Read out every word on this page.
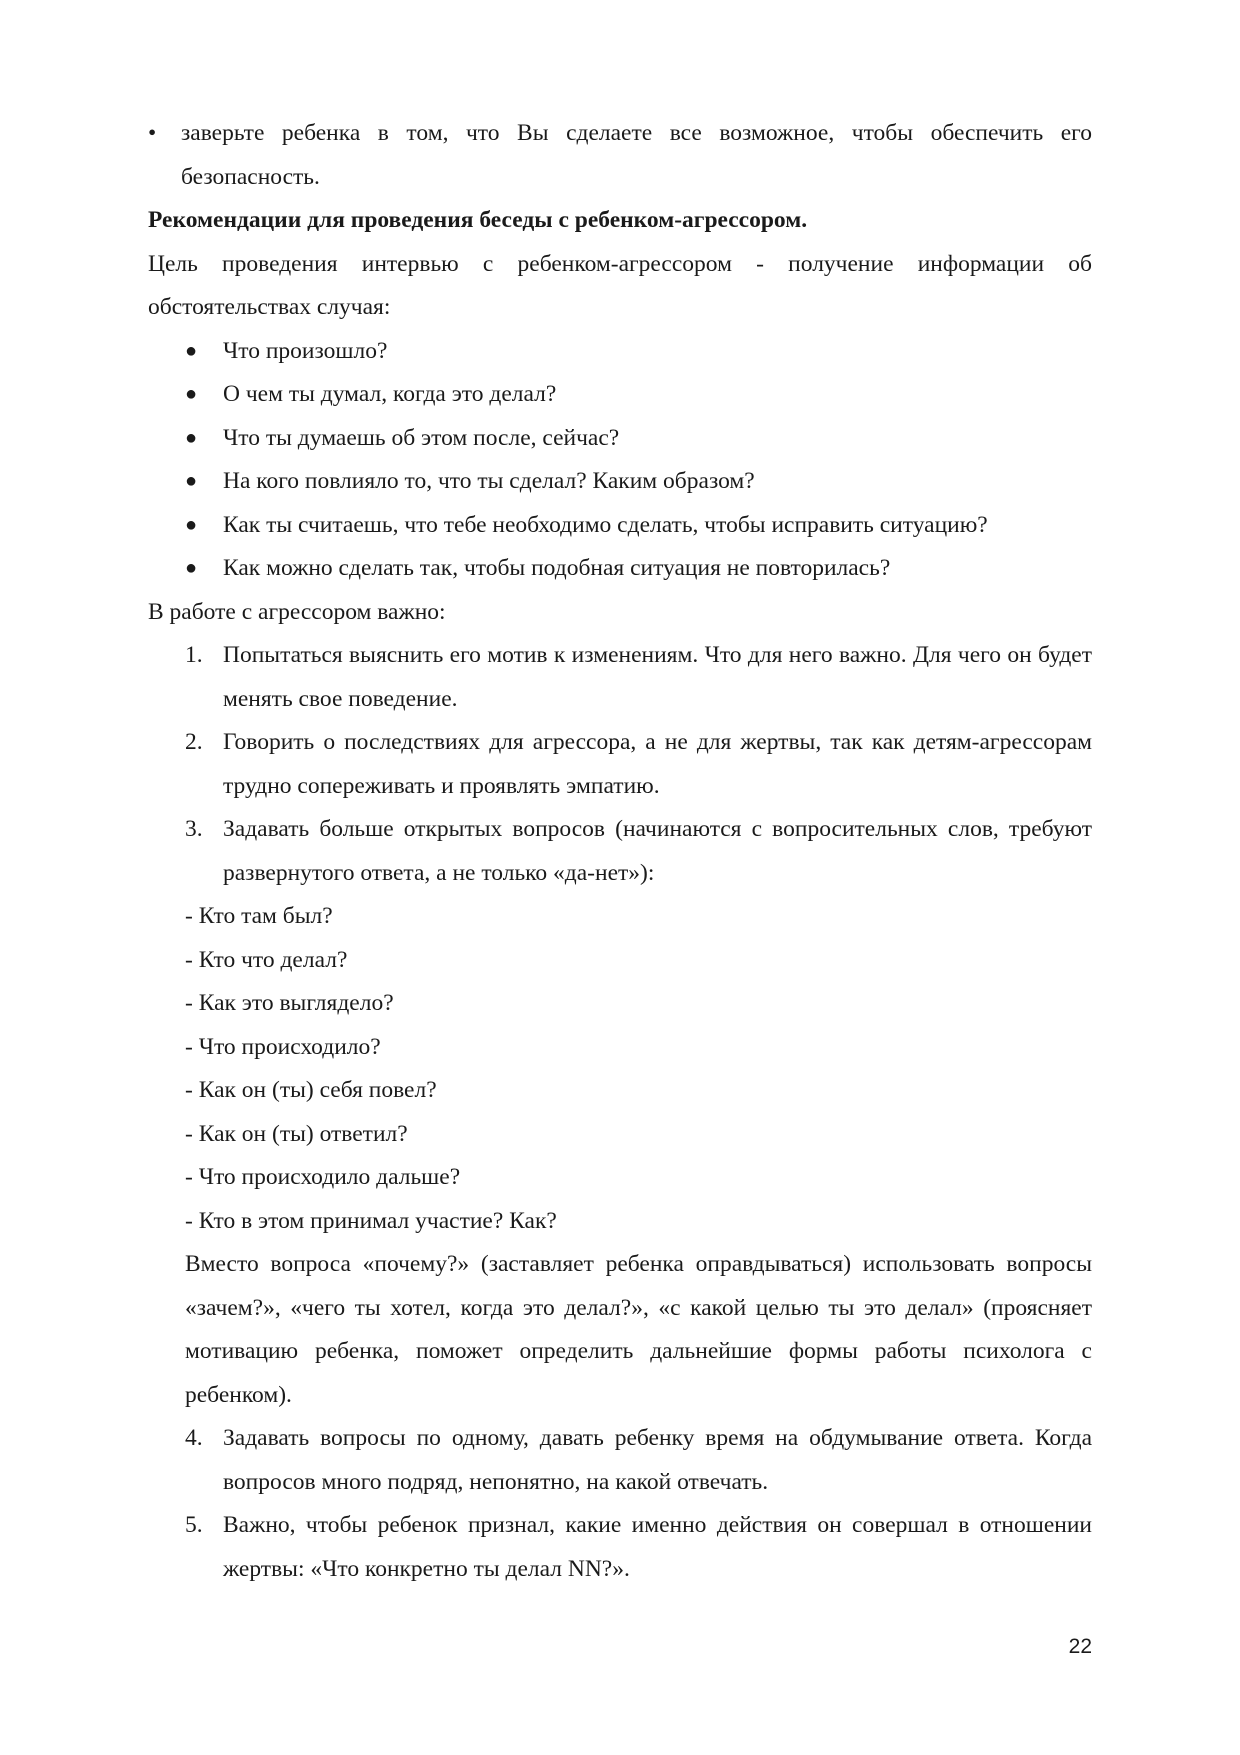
•	заверьте ребенка в том, что Вы сделаете все возможное, чтобы обеспечить его безопасность.

Рекомендации для проведения беседы с ребенком-агрессором.

Цель проведения интервью с ребенком-агрессором - получение информации об обстоятельствах случая:

●	Что произошло?
●	О чем ты думал, когда это делал?
●	Что ты думаешь об этом после, сейчас?
●	На кого повлияло то, что ты сделал? Каким образом?
●	Как ты считаешь, что тебе необходимо сделать, чтобы исправить ситуацию?
●	Как можно сделать так, чтобы подобная ситуация не повторилась?

В работе с агрессором важно:

1. Попытаться выяснить его мотив к изменениям. Что для него важно. Для чего он будет менять свое поведение.
2. Говорить о последствиях для агрессора, а не для жертвы, так как детям-агрессорам трудно сопереживать и проявлять эмпатию.
3. Задавать больше открытых вопросов (начинаются с вопросительных слов, требуют развернутого ответа, а не только «да-нет»):
- Кто там был?
- Кто что делал?
- Как это выглядело?
- Что происходило?
- Как он (ты) себя повел?
- Как он (ты) ответил?
- Что происходило дальше?
- Кто в этом принимал участие? Как?

Вместо вопроса «почему?» (заставляет ребенка оправдываться) использовать вопросы «зачем?», «чего ты хотел, когда это делал?», «с какой целью ты это делал» (проясняет мотивацию ребенка, поможет определить дальнейшие формы работы психолога с ребенком).

4. Задавать вопросы по одному, давать ребенку время на обдумывание ответа. Когда вопросов много подряд, непонятно, на какой отвечать.
5. Важно, чтобы ребенок признал, какие именно действия он совершал в отношении жертвы: «Что конкретно ты делал NN?».
22
